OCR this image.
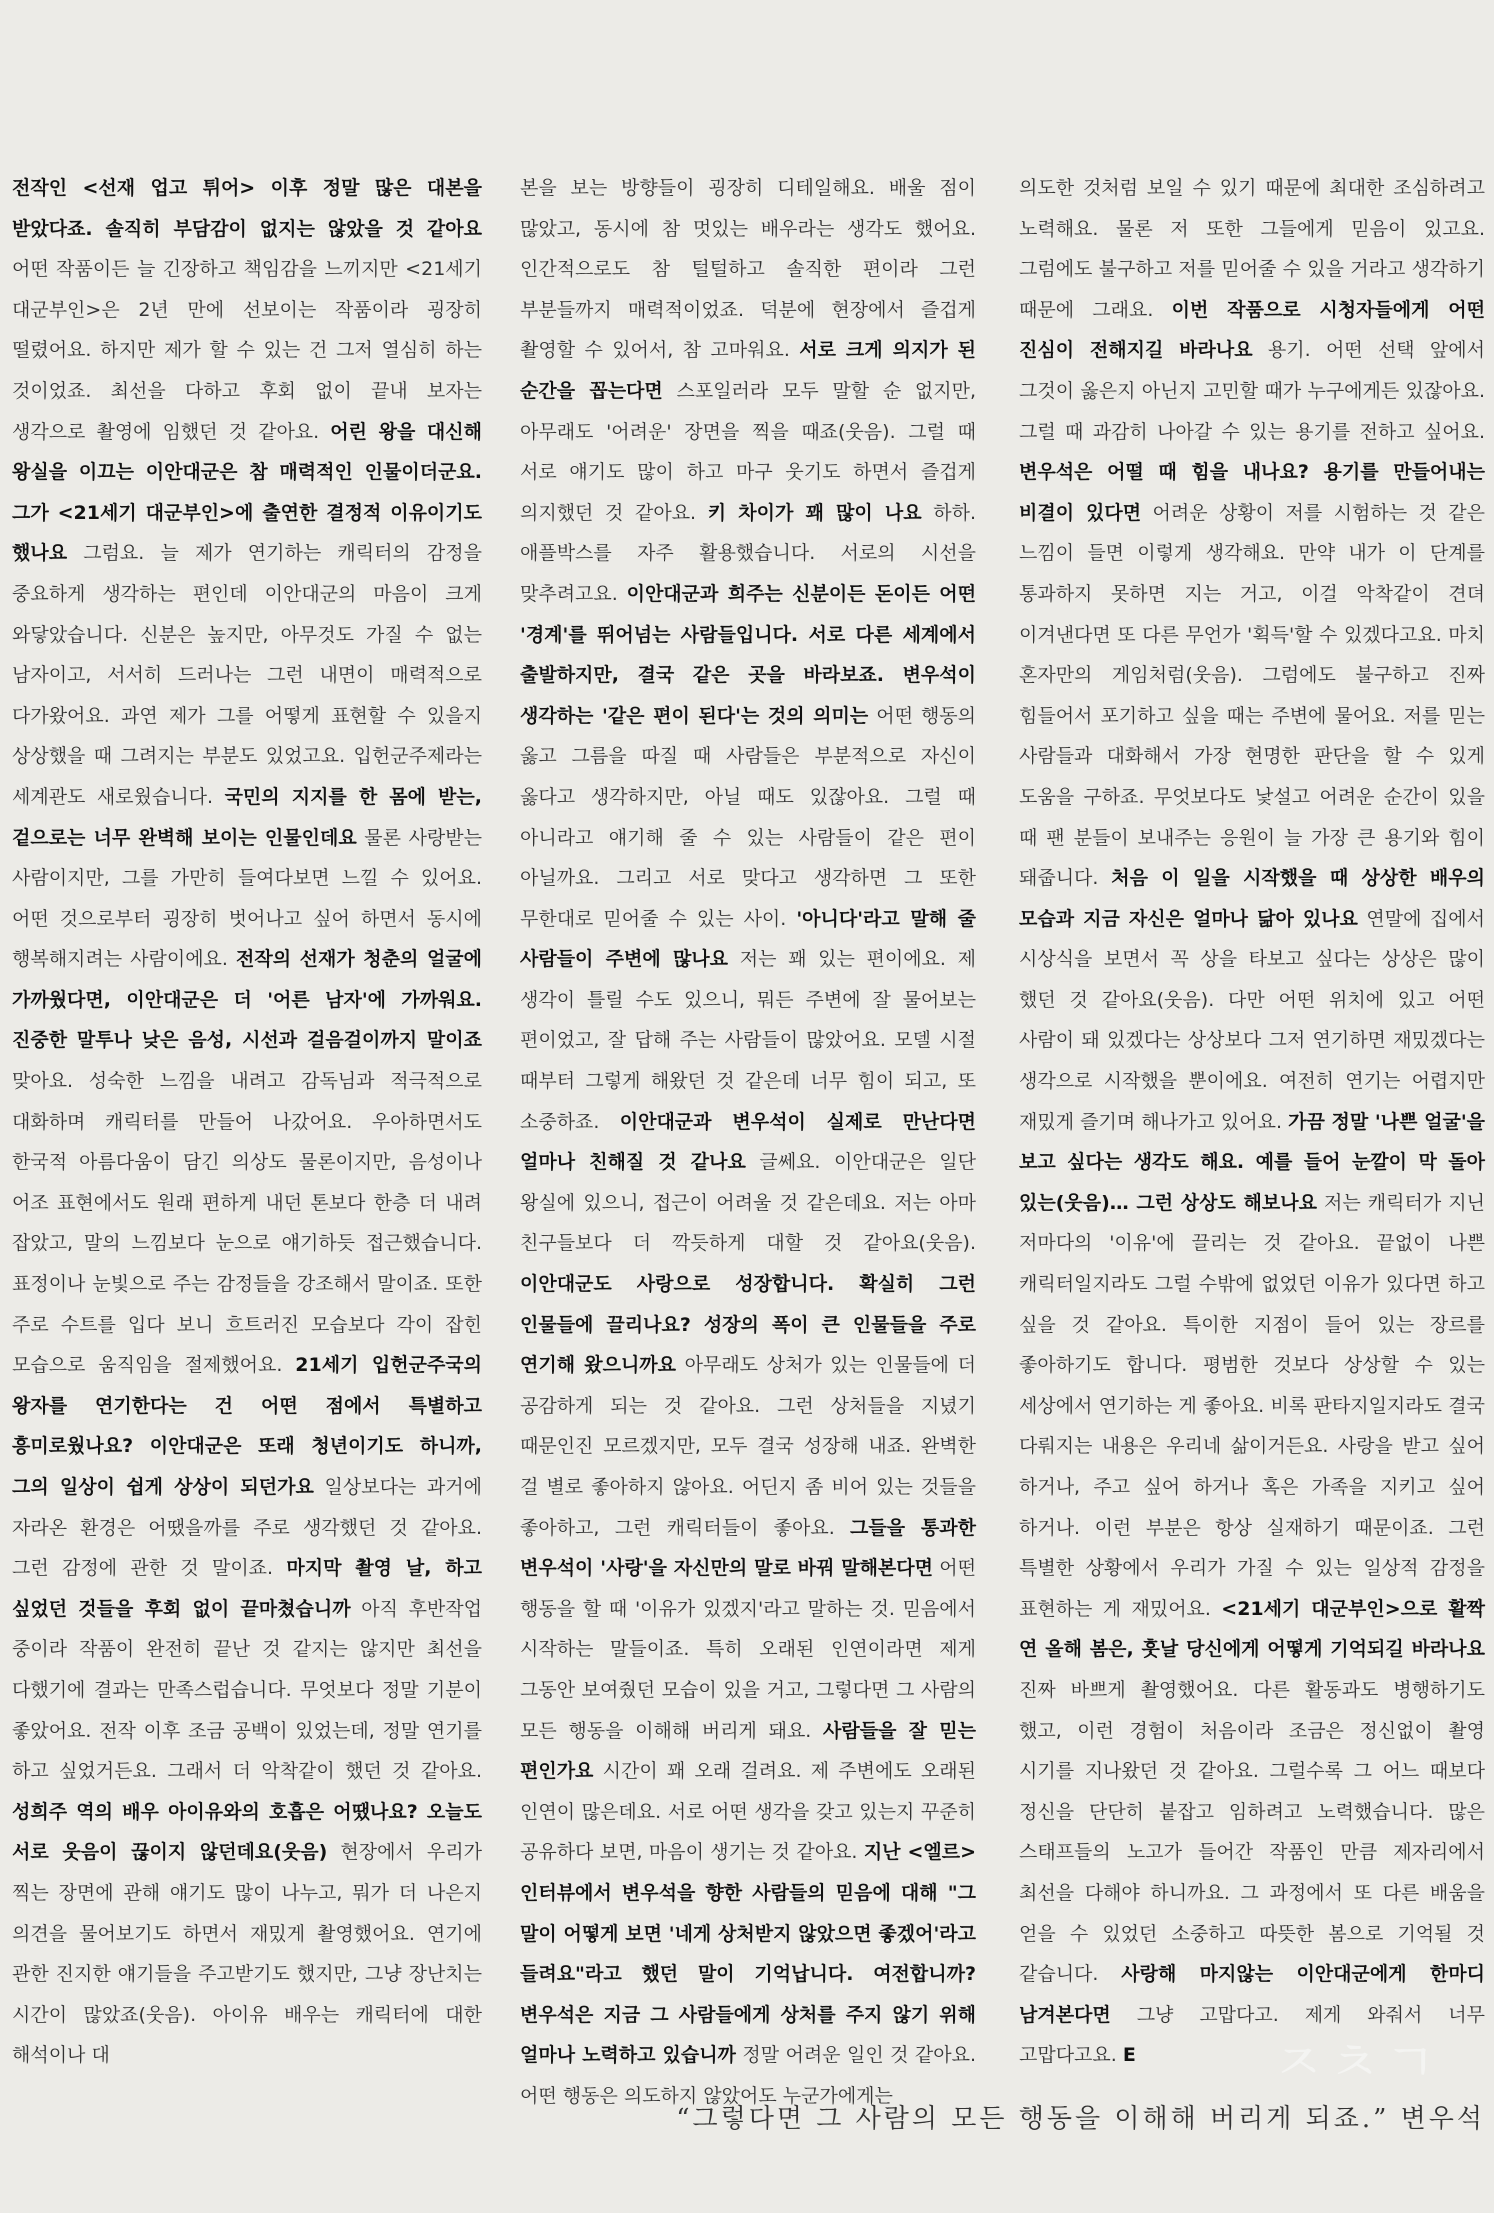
전작인 <선재 업고 튀어> 이후 정말 많은 대본을 받았다죠. 솔직히 부담감이 없지는 않았을 것 같아요 어떤 작품이든 늘 긴장하고 책임감을 느끼지만 <21세기 대군부인>은 2년 만에 선보이는 작품이라 굉장히 떨렸어요. 하지만 제가 할 수 있는 건 그저 열심히 하는 것이었죠. 최선을 다하고 후회 없이 끝내 보자는 생각으로 촬영에 임했던 것 같아요. 어린 왕을 대신해 왕실을 이끄는 이안대군은 참 매력적인 인물이더군요. 그가 <21세기 대군부인>에 출연한 결정적 이유이기도 했나요 그럼요. 늘 제가 연기하는 캐릭터의 감정을 중요하게 생각하는 편인데 이안대군의 마음이 크게 와닿았습니다. 신분은 높지만, 아무것도 가질 수 없는 남자이고, 서서히 드러나는 그런 내면이 매력적으로 다가왔어요. 과연 제가 그를 어떻게 표현할 수 있을지 상상했을 때 그려지는 부분도 있었고요. 입헌군주제라는 세계관도 새로웠습니다. 국민의 지지를 한 몸에 받는, 겉으로는 너무 완벽해 보이는 인물인데요 물론 사랑받는 사람이지만, 그를 가만히 들여다보면 느낄 수 있어요. 어떤 것으로부터 굉장히 벗어나고 싶어 하면서 동시에 행복해지려는 사람이에요. 전작의 선재가 청춘의 얼굴에 가까웠다면, 이안대군은 더 '어른 남자'에 가까워요. 진중한 말투나 낮은 음성, 시선과 걸음걸이까지 말이죠 맞아요. 성숙한 느낌을 내려고 감독님과 적극적으로 대화하며 캐릭터를 만들어 나갔어요. 우아하면서도 한국적 아름다움이 담긴 의상도 물론이지만, 음성이나 어조 표현에서도 원래 편하게 내던 톤보다 한층 더 내려 잡았고, 말의 느낌보다 눈으로 얘기하듯 접근했습니다. 표정이나 눈빛으로 주는 감정들을 강조해서 말이죠. 또한 주로 수트를 입다 보니 흐트러진 모습보다 각이 잡힌 모습으로 움직임을 절제했어요. 21세기 입헌군주국의 왕자를 연기한다는 건 어떤 점에서 특별하고 흥미로웠나요? 이안대군은 또래 청년이기도 하니까, 그의 일상이 쉽게 상상이 되던가요 일상보다는 과거에 자라온 환경은 어땠을까를 주로 생각했던 것 같아요. 그런 감정에 관한 것 말이죠. 마지막 촬영 날, 하고 싶었던 것들을 후회 없이 끝마쳤습니까 아직 후반작업 중이라 작품이 완전히 끝난 것 같지는 않지만 최선을 다했기에 결과는 만족스럽습니다. 무엇보다 정말 기분이 좋았어요. 전작 이후 조금 공백이 있었는데, 정말 연기를 하고 싶었거든요. 그래서 더 악착같이 했던 것 같아요. 성희주 역의 배우 아이유와의 호흡은 어땠나요? 오늘도 서로 웃음이 끊이지 않던데요(웃음) 현장에서 우리가 찍는 장면에 관해 얘기도 많이 나누고, 뭐가 더 나은지 의견을 물어보기도 하면서 재밌게 촬영했어요. 연기에 관한 진지한 얘기들을 주고받기도 했지만, 그냥 장난치는 시간이 많았죠(웃음). 아이유 배우는 캐릭터에 대한 해석이나 대

본을 보는 방향들이 굉장히 디테일해요. 배울 점이 많았고, 동시에 참 멋있는 배우라는 생각도 했어요. 인간적으로도 참 털털하고 솔직한 편이라 그런 부분들까지 매력적이었죠. 덕분에 현장에서 즐겁게 촬영할 수 있어서, 참 고마워요. 서로 크게 의지가 된 순간을 꼽는다면 스포일러라 모두 말할 순 없지만, 아무래도 '어려운' 장면을 찍을 때죠(웃음). 그럴 때 서로 얘기도 많이 하고 마구 웃기도 하면서 즐겁게 의지했던 것 같아요. 키 차이가 꽤 많이 나요 하하. 애플박스를 자주 활용했습니다. 서로의 시선을 맞추려고요. 이안대군과 희주는 신분이든 돈이든 어떤 '경계'를 뛰어넘는 사람들입니다. 서로 다른 세계에서 출발하지만, 결국 같은 곳을 바라보죠. 변우석이 생각하는 '같은 편이 된다'는 것의 의미는 어떤 행동의 옳고 그름을 따질 때 사람들은 부분적으로 자신이 옳다고 생각하지만, 아닐 때도 있잖아요. 그럴 때 아니라고 얘기해 줄 수 있는 사람들이 같은 편이 아닐까요. 그리고 서로 맞다고 생각하면 그 또한 무한대로 믿어줄 수 있는 사이. '아니다'라고 말해 줄 사람들이 주변에 많나요 저는 꽤 있는 편이에요. 제 생각이 틀릴 수도 있으니, 뭐든 주변에 잘 물어보는 편이었고, 잘 답해 주는 사람들이 많았어요. 모델 시절 때부터 그렇게 해왔던 것 같은데 너무 힘이 되고, 또 소중하죠. 이안대군과 변우석이 실제로 만난다면 얼마나 친해질 것 같나요 글쎄요. 이안대군은 일단 왕실에 있으니, 접근이 어려울 것 같은데요. 저는 아마 친구들보다 더 깍듯하게 대할 것 같아요(웃음). 이안대군도 사랑으로 성장합니다. 확실히 그런 인물들에 끌리나요? 성장의 폭이 큰 인물들을 주로 연기해 왔으니까요 아무래도 상처가 있는 인물들에 더 공감하게 되는 것 같아요. 그런 상처들을 지녔기 때문인진 모르겠지만, 모두 결국 성장해 내죠. 완벽한 걸 별로 좋아하지 않아요. 어딘지 좀 비어 있는 것들을 좋아하고, 그런 캐릭터들이 좋아요. 그들을 통과한 변우석이 '사랑'을 자신만의 말로 바꿔 말해본다면 어떤 행동을 할 때 '이유가 있겠지'라고 말하는 것. 믿음에서 시작하는 말들이죠. 특히 오래된 인연이라면 제게 그동안 보여줬던 모습이 있을 거고, 그렇다면 그 사람의 모든 행동을 이해해 버리게 돼요. 사람들을 잘 믿는 편인가요 시간이 꽤 오래 걸려요. 제 주변에도 오래된 인연이 많은데요. 서로 어떤 생각을 갖고 있는지 꾸준히 공유하다 보면, 마음이 생기는 것 같아요. 지난 <엘르> 인터뷰에서 변우석을 향한 사람들의 믿음에 대해 "그 말이 어떻게 보면 '네게 상처받지 않았으면 좋겠어'라고 들려요"라고 했던 말이 기억납니다. 여전합니까? 변우석은 지금 그 사람들에게 상처를 주지 않기 위해 얼마나 노력하고 있습니까 정말 어려운 일인 것 같아요. 어떤 행동은 의도하지 않았어도 누군가에게는

의도한 것처럼 보일 수 있기 때문에 최대한 조심하려고 노력해요. 물론 저 또한 그들에게 믿음이 있고요. 그럼에도 불구하고 저를 믿어줄 수 있을 거라고 생각하기 때문에 그래요. 이번 작품으로 시청자들에게 어떤 진심이 전해지길 바라나요 용기. 어떤 선택 앞에서 그것이 옳은지 아닌지 고민할 때가 누구에게든 있잖아요. 그럴 때 과감히 나아갈 수 있는 용기를 전하고 싶어요. 변우석은 어떨 때 힘을 내나요? 용기를 만들어내는 비결이 있다면 어려운 상황이 저를 시험하는 것 같은 느낌이 들면 이렇게 생각해요. 만약 내가 이 단계를 통과하지 못하면 지는 거고, 이걸 악착같이 견뎌 이겨낸다면 또 다른 무언가 '획득'할 수 있겠다고요. 마치 혼자만의 게임처럼(웃음). 그럼에도 불구하고 진짜 힘들어서 포기하고 싶을 때는 주변에 물어요. 저를 믿는 사람들과 대화해서 가장 현명한 판단을 할 수 있게 도움을 구하죠. 무엇보다도 낯설고 어려운 순간이 있을 때 팬 분들이 보내주는 응원이 늘 가장 큰 용기와 힘이 돼줍니다. 처음 이 일을 시작했을 때 상상한 배우의 모습과 지금 자신은 얼마나 닮아 있나요 연말에 집에서 시상식을 보면서 꼭 상을 타보고 싶다는 상상은 많이 했던 것 같아요(웃음). 다만 어떤 위치에 있고 어떤 사람이 돼 있겠다는 상상보다 그저 연기하면 재밌겠다는 생각으로 시작했을 뿐이에요. 여전히 연기는 어렵지만 재밌게 즐기며 해나가고 있어요. 가끔 정말 '나쁜 얼굴'을 보고 싶다는 생각도 해요. 예를 들어 눈깔이 막 돌아 있는(웃음)… 그런 상상도 해보나요 저는 캐릭터가 지닌 저마다의 '이유'에 끌리는 것 같아요. 끝없이 나쁜 캐릭터일지라도 그럴 수밖에 없었던 이유가 있다면 하고 싶을 것 같아요. 특이한 지점이 들어 있는 장르를 좋아하기도 합니다. 평범한 것보다 상상할 수 있는 세상에서 연기하는 게 좋아요. 비록 판타지일지라도 결국 다뤄지는 내용은 우리네 삶이거든요. 사랑을 받고 싶어 하거나, 주고 싶어 하거나 혹은 가족을 지키고 싶어 하거나. 이런 부분은 항상 실재하기 때문이죠. 그런 특별한 상황에서 우리가 가질 수 있는 일상적 감정을 표현하는 게 재밌어요. <21세기 대군부인>으로 활짝 연 올해 봄은, 훗날 당신에게 어떻게 기억되길 바라나요 진짜 바쁘게 촬영했어요. 다른 활동과도 병행하기도 했고, 이런 경험이 처음이라 조금은 정신없이 촬영 시기를 지나왔던 것 같아요. 그럴수록 그 어느 때보다 정신을 단단히 붙잡고 임하려고 노력했습니다. 많은 스태프들의 노고가 들어간 작품인 만큼 제자리에서 최선을 다해야 하니까요. 그 과정에서 또 다른 배움을 얻을 수 있었던 소중하고 따뜻한 봄으로 기억될 것 같습니다. 사랑해 마지않는 이안대군에게 한마디 남겨본다면 그냥 고맙다고. 제게 와줘서 너무 고맙다고요. E	ㅈㅊㄱ
“그렇다면 그 사람의 모든 행동을 이해해 버리게 되죠.” 변우석
